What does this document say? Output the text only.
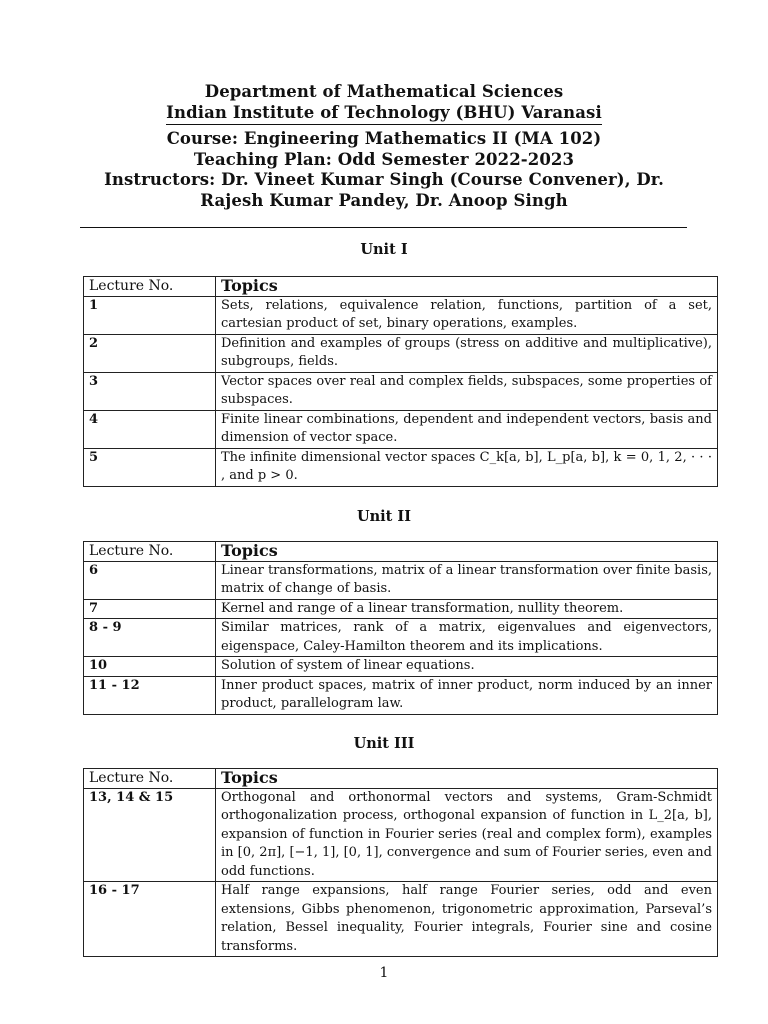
Department of Mathematical Sciences
Indian Institute of Technology (BHU) Varanasi
Course: Engineering Mathematics II (MA 102)
Teaching Plan: Odd Semester 2022-2023
Instructors: Dr. Vineet Kumar Singh (Course Convener), Dr.
Rajesh Kumar Pandey, Dr. Anoop Singh
Unit I
Lecture No.	Topics
1	Sets, relations, equivalence relation, functions, partition of a set, cartesian product of set, binary operations, examples.
2	Definition and examples of groups (stress on additive and multiplicative), subgroups, fields.
3	Vector spaces over real and complex fields, subspaces, some properties of subspaces.
4	Finite linear combinations, dependent and independent vectors, basis and dimension of vector space.
5	The infinite dimensional vector spaces C_k[a, b], L_p[a, b], k = 0, 1, 2, · · · , and p > 0.
Unit II
Lecture No.	Topics
6	Linear transformations, matrix of a linear transformation over finite basis, matrix of change of basis.
7	Kernel and range of a linear transformation, nullity theorem.
8 - 9	Similar matrices, rank of a matrix, eigenvalues and eigenvectors, eigenspace, Caley-Hamilton theorem and its implications.
10	Solution of system of linear equations.
11 - 12	Inner product spaces, matrix of inner product, norm induced by an inner product, parallelogram law.
Unit III
Lecture No.	Topics
13, 14 & 15	Orthogonal and orthonormal vectors and systems, Gram-Schmidt orthogonalization process, orthogonal expansion of function in L_2[a, b], expansion of function in Fourier series (real and complex form), examples in [0, 2π], [−1, 1], [0, 1], convergence and sum of Fourier series, even and odd functions.
16 - 17	Half range expansions, half range Fourier series, odd and even extensions, Gibbs phenomenon, trigonometric approximation, Parseval’s relation, Bessel inequality, Fourier integrals, Fourier sine and cosine transforms.
1
